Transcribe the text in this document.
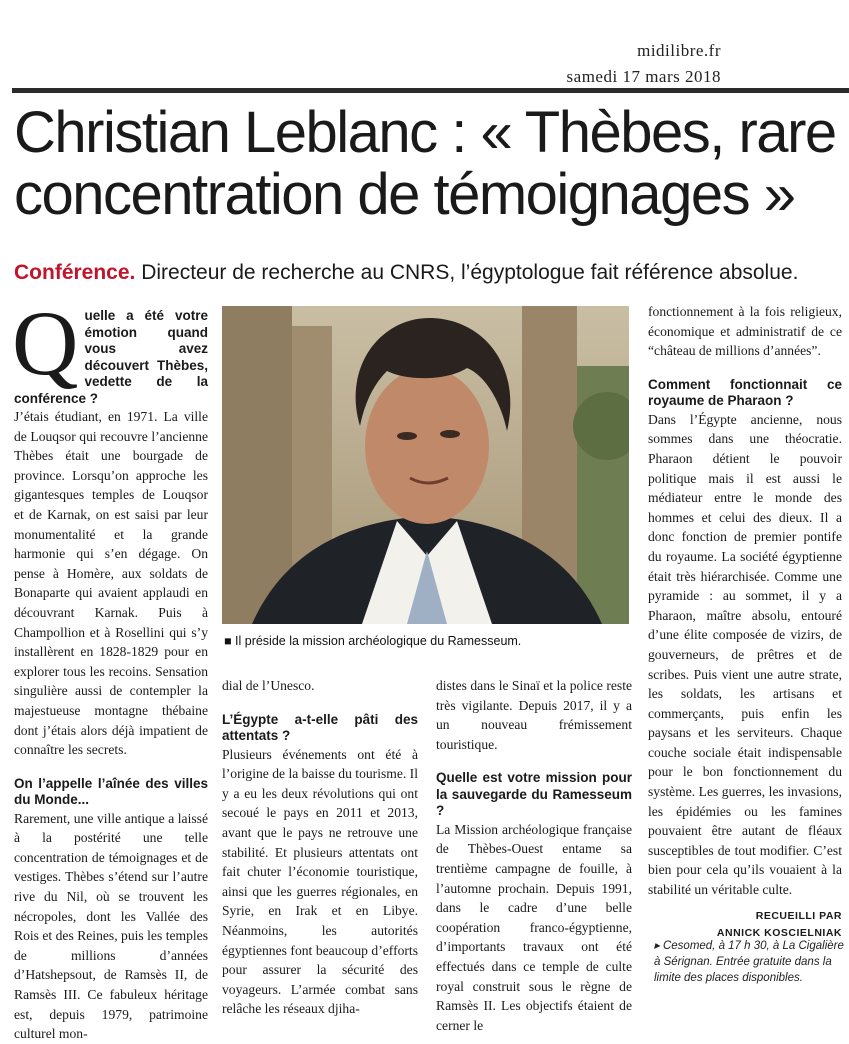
midilibre.fr
samedi 17 mars 2018
Christian Leblanc : « Thèbes, rare concentration de témoignages »
Conférence. Directeur de recherche au CNRS, l’égyptologue fait référence absolue.
Q uelle a été votre émotion quand vous avez découvert Thèbes, vedette de la conférence ?

J’étais étudiant, en 1971. La ville de Louqsor qui recouvre l’ancienne Thèbes était une bourgade de province. Lorsqu’on approche les gigantesques temples de Louqsor et de Karnak, on est saisi par leur monumentalité et la grande harmonie qui s’en dégage. On pense à Homère, aux soldats de Bonaparte qui avaient applaudi en découvrant Karnak. Puis à Champollion et à Rosellini qui s’y installèrent en 1828-1829 pour en explorer tous les recoins. Sensation singulière aussi de contempler la majestueuse montagne thébaine dont j’étais alors déjà impatient de connaître les secrets.

On l’appelle l’aînée des villes du Monde...

Rarement, une ville antique a laissé à la postérité une telle concentration de témoignages et de vestiges. Thèbes s’étend sur l’autre rive du Nil, où se trouvent les nécropoles, dont les Vallée des Rois et des Reines, puis les temples de millions d’années d’Hatshepsout, de Ramsès II, de Ramsès III. Ce fabuleux héritage est, depuis 1979, patrimoine culturel mon-

■ Il préside la mission archéologique du Ramesseum.

dial de l’Unesco.

L’Égypte a-t-elle pâti des attentats ?

Plusieurs événements ont été à l’origine de la baisse du tourisme. Il y a eu les deux révolutions qui ont secoué le pays en 2011 et 2013, avant que le pays ne retrouve une stabilité. Et plusieurs attentats ont fait chuter l’économie touristique, ainsi que les guerres régionales, en Syrie, en Irak et en Libye. Néanmoins, les autorités égyptiennes font beaucoup d’efforts pour assurer la sécurité des voyageurs. L’armée combat sans relâche les réseaux djiha-

distes dans le Sinaï et la police reste très vigilante. Depuis 2017, il y a un nouveau frémissement touristique.

Quelle est votre mission pour la sauvegarde du Ramesseum ?

La Mission archéologique française de Thèbes-Ouest entame sa trentième campagne de fouille, à l’automne prochain. Depuis 1991, dans le cadre d’une belle coopération franco-égyptienne, d’importants travaux ont été effectués dans ce temple de culte royal construit sous le règne de Ramsès II. Les objectifs étaient de cerner le

fonctionnement à la fois religieux, économique et administratif de ce “château de millions d’années”.

Comment fonctionnait ce royaume de Pharaon ?

Dans l’Égypte ancienne, nous sommes dans une théocratie. Pharaon détient le pouvoir politique mais il est aussi le médiateur entre le monde des hommes et celui des dieux. Il a donc fonction de premier pontife du royaume. La société égyptienne était très hiérarchisée. Comme une pyramide : au sommet, il y a Pharaon, maître absolu, entouré d’une élite composée de vizirs, de gouverneurs, de prêtres et de scribes. Puis vient une autre strate, les soldats, les artisans et commerçants, puis enfin les paysans et les serviteurs. Chaque couche sociale était indispensable pour le bon fonctionnement du système. Les guerres, les invasions, les épidémies ou les famines pouvaient être autant de fléaux susceptibles de tout modifier. C’est bien pour cela qu’ils vouaient à la stabilité un véritable culte.

RECUEILLI PAR
ANNICK KOSCIELNIAK
▸ Cesomed, à 17 h 30, à La Cigalière à Sérignan. Entrée gratuite dans la limite des places disponibles.
